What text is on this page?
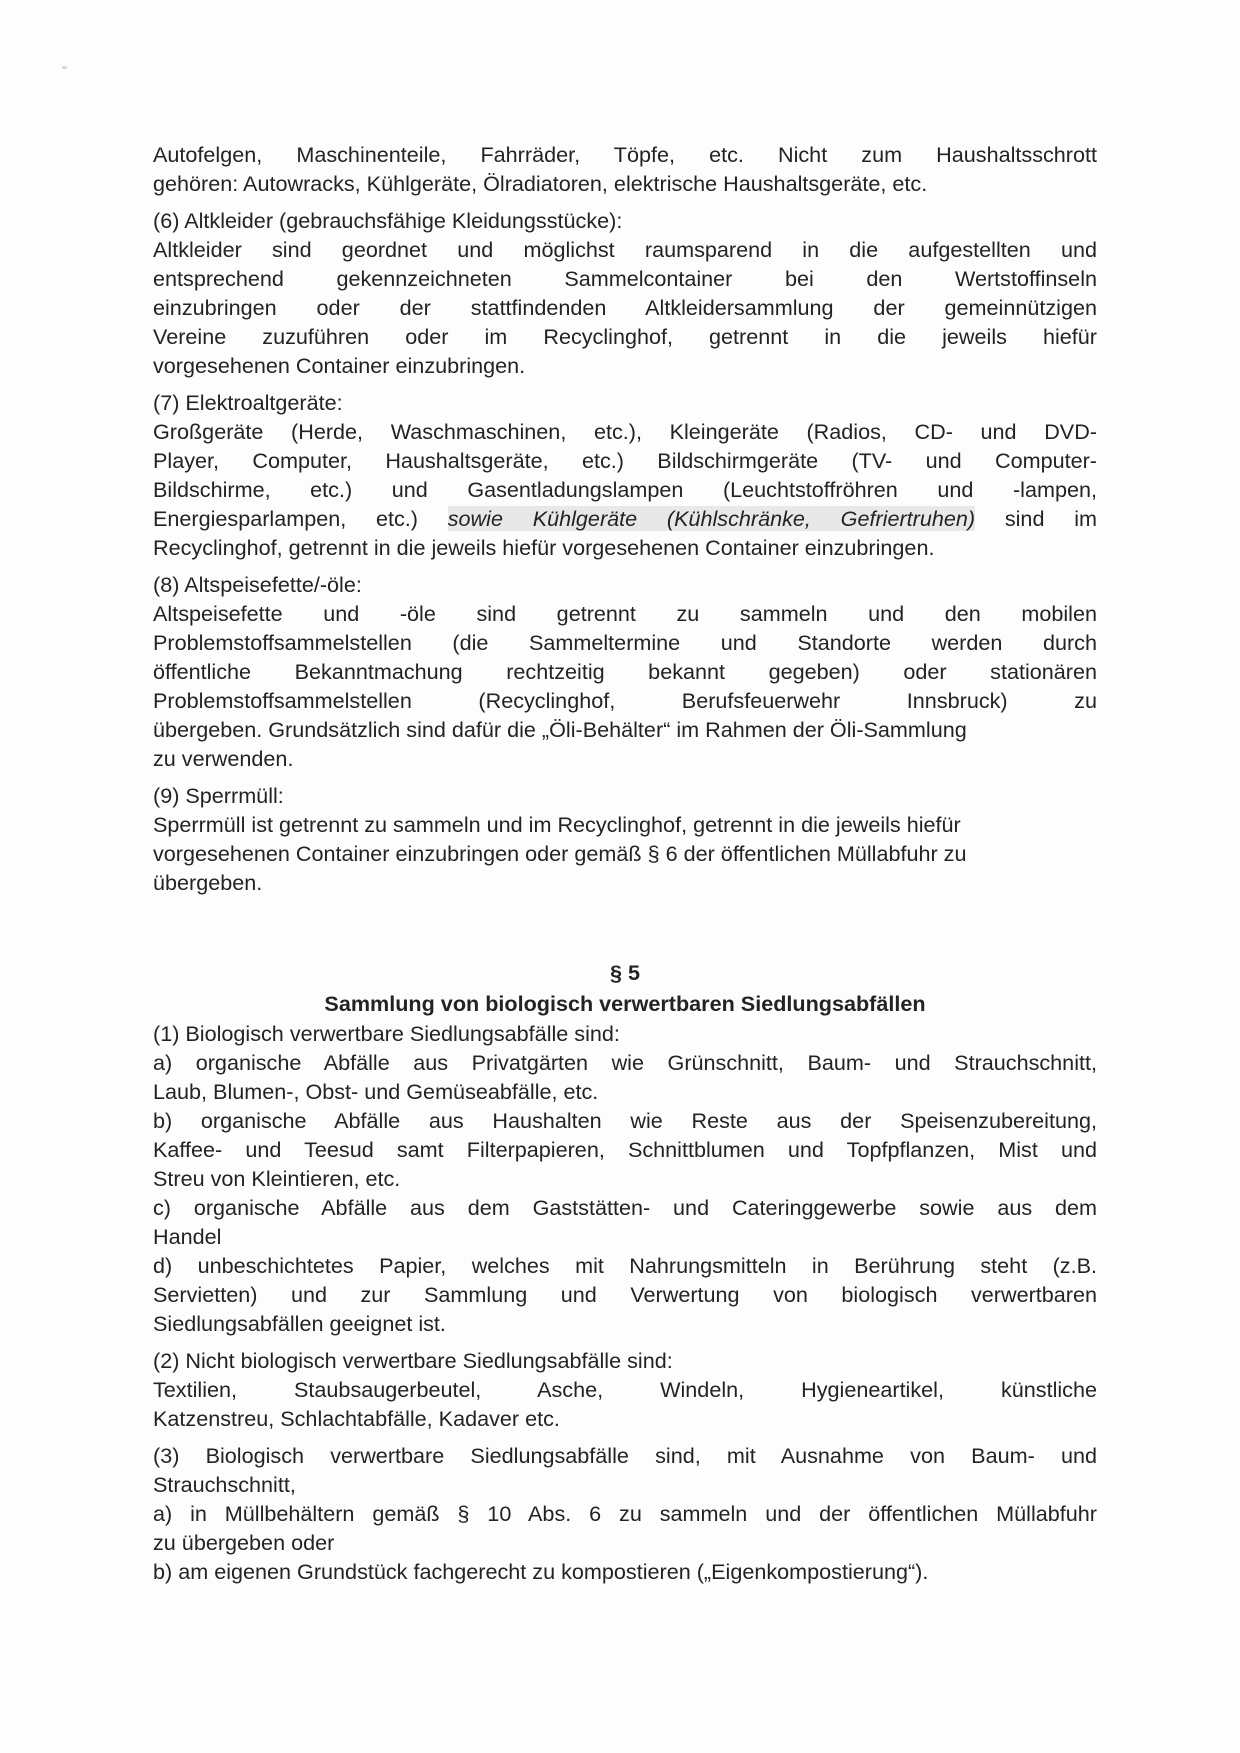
Autofelgen, Maschinenteile, Fahrräder, Töpfe, etc. Nicht zum Haushaltsschrott

gehören: Autowracks, Kühlgeräte, Ölradiatoren, elektrische Haushaltsgeräte, etc.

(6) Altkleider (gebrauchsfähige Kleidungsstücke):

Altkleider sind geordnet und möglichst raumsparend in die aufgestellten und

entsprechend gekennzeichneten Sammelcontainer bei den Wertstoffinseln

einzubringen oder der stattfindenden Altkleidersammlung der gemeinnützigen

Vereine zuzuführen oder im Recyclinghof, getrennt in die jeweils hiefür

vorgesehenen Container einzubringen.

(7) Elektroaltgeräte:

Großgeräte (Herde, Waschmaschinen, etc.), Kleingeräte (Radios, CD- und DVD-

Player, Computer, Haushaltsgeräte, etc.) Bildschirmgeräte (TV- und Computer-

Bildschirme, etc.) und Gasentladungslampen (Leuchtstoffröhren und -lampen,

Energiesparlampen, etc.) sowie Kühlgeräte (Kühlschränke, Gefriertruhen) sind im

Recyclinghof, getrennt in die jeweils hiefür vorgesehenen Container einzubringen.

(8) Altspeisefette/-öle:

Altspeisefette und -öle sind getrennt zu sammeln und den mobilen

Problemstoffsammelstellen (die Sammeltermine und Standorte werden durch

öffentliche Bekanntmachung rechtzeitig bekannt gegeben) oder stationären

Problemstoffsammelstellen (Recyclinghof, Berufsfeuerwehr Innsbruck) zu

übergeben. Grundsätzlich sind dafür die „Öli-Behälter“ im Rahmen der Öli-Sammlung

zu verwenden.

(9) Sperrmüll:

Sperrmüll ist getrennt zu sammeln und im Recyclinghof, getrennt in die jeweils hiefür

vorgesehenen Container einzubringen oder gemäß § 6 der öffentlichen Müllabfuhr zu

übergeben.

§ 5
Sammlung von biologisch verwertbaren Siedlungsabfällen

(1) Biologisch verwertbare Siedlungsabfälle sind:

a) organische Abfälle aus Privatgärten wie Grünschnitt, Baum- und Strauchschnitt,

Laub, Blumen-, Obst- und Gemüseabfälle, etc.

b) organische Abfälle aus Haushalten wie Reste aus der Speisenzubereitung,

Kaffee- und Teesud samt Filterpapieren, Schnittblumen und Topfpflanzen, Mist und

Streu von Kleintieren, etc.

c) organische Abfälle aus dem Gaststätten- und Cateringgewerbe sowie aus dem

Handel

d) unbeschichtetes Papier, welches mit Nahrungsmitteln in Berührung steht (z.B.

Servietten) und zur Sammlung und Verwertung von biologisch verwertbaren

Siedlungsabfällen geeignet ist.

(2) Nicht biologisch verwertbare Siedlungsabfälle sind:

Textilien, Staubsaugerbeutel, Asche, Windeln, Hygieneartikel, künstliche

Katzenstreu, Schlachtabfälle, Kadaver etc.

(3) Biologisch verwertbare Siedlungsabfälle sind, mit Ausnahme von Baum- und

Strauchschnitt,

a) in Müllbehältern gemäß § 10 Abs. 6 zu sammeln und der öffentlichen Müllabfuhr

zu übergeben oder

b) am eigenen Grundstück fachgerecht zu kompostieren („Eigenkompostierung“).
